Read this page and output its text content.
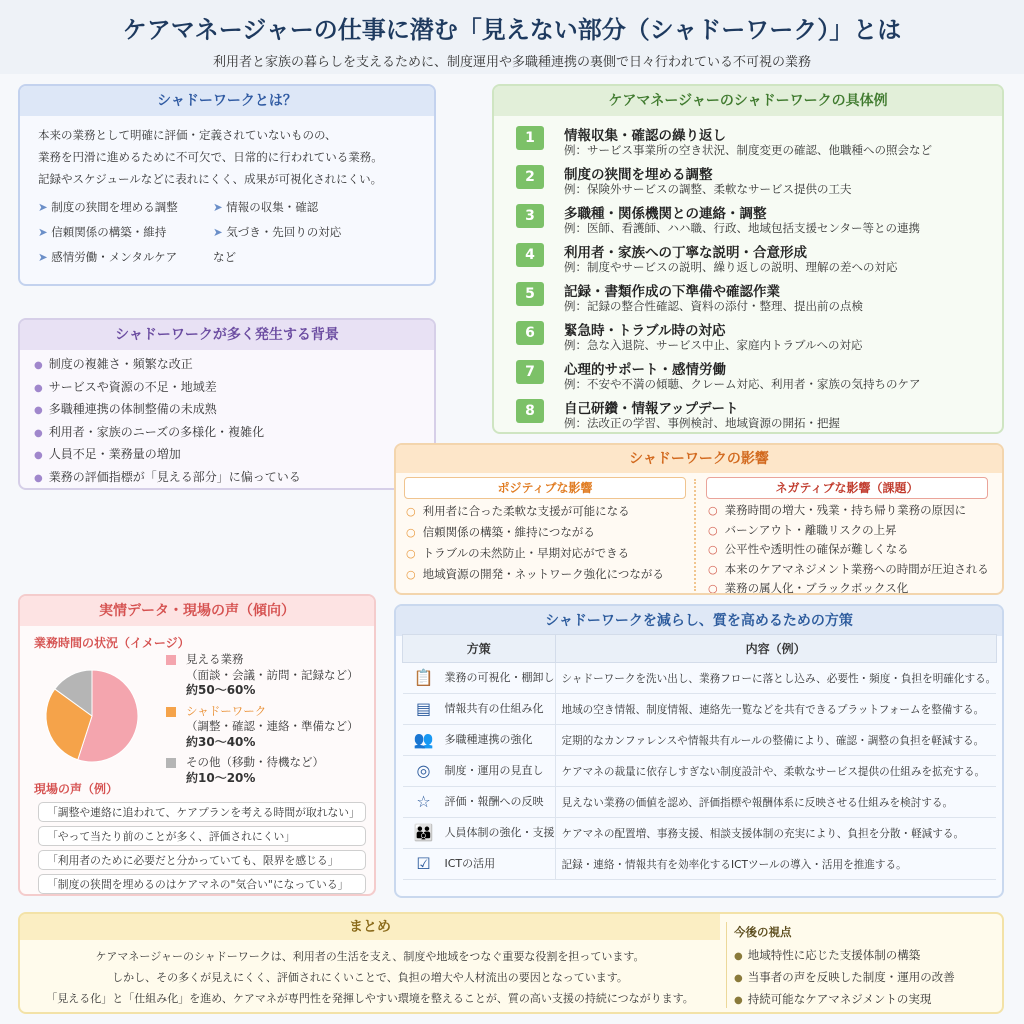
ケアマネージャーの仕事に潜む「見えない部分（シャドーワーク）」とは

利用者と家族の暮らしを支えるために、制度運用や多職種連携の裏側で日々行われている不可視の業務

シャドーワークとは？
本来の業務として明確に評価・定義されていないものの、
業務を円滑に進めるために不可欠で、日常的に行われている業務。
記録やスケジュールなどに表れにくく、成果が可視化されにくい。
➤ 制度の狭間を埋める調整	➤ 情報の収集・確認
➤ 信頼関係の構築・維持	➤ 気づき・先回りの対応
➤ 感情労働・メンタルケア	など
シャドーワークが多く発生する背景
● 制度の複雑さ・頻繁な改正
● サービスや資源の不足・地域差
● 多職種連携の体制整備の未成熟
● 利用者・家族のニーズの多様化・複雑化
● 人員不足・業務量の増加
● 業務の評価指標が「見える部分」に偏っている
ケアマネージャーのシャドーワークの具体例
1	情報収集・確認の繰り返し
例：サービス事業所の空き状況、制度変更の確認、他職種への照会など
2	制度の狭間を埋める調整
例：保険外サービスの調整、柔軟なサービス提供の工夫
3	多職種・関係機関との連絡・調整
例：医師、看護師、ハハ職、行政、地域包括支援センター等との連携
4	利用者・家族への丁寧な説明・合意形成
例：制度やサービスの説明、繰り返しの説明、理解の差への対応
5	記録・書類作成の下準備や確認作業
例：記録の整合性確認、資料の添付・整理、提出前の点検
6	緊急時・トラブル時の対応
例：急な入退院、サービス中止、家庭内トラブルへの対応
7	心理的サポート・感情労働
例：不安や不満の傾聴、クレーム対応、利用者・家族の気持ちのケア
8	自己研鑽・情報アップデート
例：法改正の学習、事例検討、地域資源の開拓・把握
シャドーワークの影響
ポジティブな影響	ネガティブな影響（課題）
○ 利用者に合った柔軟な支援が可能になる
○ 信頼関係の構築・維持につながる
○ トラブルの未然防止・早期対応ができる
○ 地域資源の開発・ネットワーク強化につながる
○ 業務時間の増大・残業・持ち帰り業務の原因に
○ バーンアウト・離職リスクの上昇
○ 公平性や透明性の確保が難しくなる
○ 本来のケアマネジメント業務への時間が圧迫される
○ 業務の属人化・ブラックボックス化
実情データ・現場の声（傾向）
業務時間の状況（イメージ）
見える業務
（面談・会議・訪問・記録など）
約50〜60%
シャドーワーク
（調整・確認・連絡・準備など）
約30〜40%
その他（移動・待機など）
約10〜20%
現場の声（例）
「調整や連絡に追われて、ケアプランを考える時間が取れない」
「やって当たり前のことが多く、評価されにくい」
「利用者のために必要だと分かっていても、限界を感じる」
「制度の狭間を埋めるのはケアマネの"気合い"になっている」
シャドーワークを減らし、質を高めるための方策
方策	内容（例）
📋 業務の可視化・棚卸し	シャドーワークを洗い出し、業務フローに落とし込み、必要性・頻度・負担を明確化する。
▤ 情報共有の仕組み化	地域の空き情報、制度情報、連絡先一覧などを共有できるプラットフォームを整備する。
👥 多職種連携の強化	定期的なカンファレンスや情報共有ルールの整備により、確認・調整の負担を軽減する。
◎ 制度・運用の見直し	ケアマネの裁量に依存しすぎない制度設計や、柔軟なサービス提供の仕組みを拡充する。
☆ 評価・報酬への反映	見えない業務の価値を認め、評価指標や報酬体系に反映させる仕組みを検討する。
👪 人員体制の強化・支援	ケアマネの配置増、事務支援、相談支援体制の充実により、負担を分散・軽減する。
☑ ICTの活用	記録・連絡・情報共有を効率化するICTツールの導入・活用を推進する。
まとめ
ケアマネージャーのシャドーワークは、利用者の生活を支え、制度や地域をつなぐ重要な役割を担っています。
しかし、その多くが見えにくく、評価されにくいことで、負担の増大や人材流出の要因となっています。
「見える化」と「仕組み化」を進め、ケアマネが専門性を発揮しやすい環境を整えることが、質の高い支援の持続につながります。
今後の視点
● 地域特性に応じた支援体制の構築
● 当事者の声を反映した制度・運用の改善
● 持続可能なケアマネジメントの実現
